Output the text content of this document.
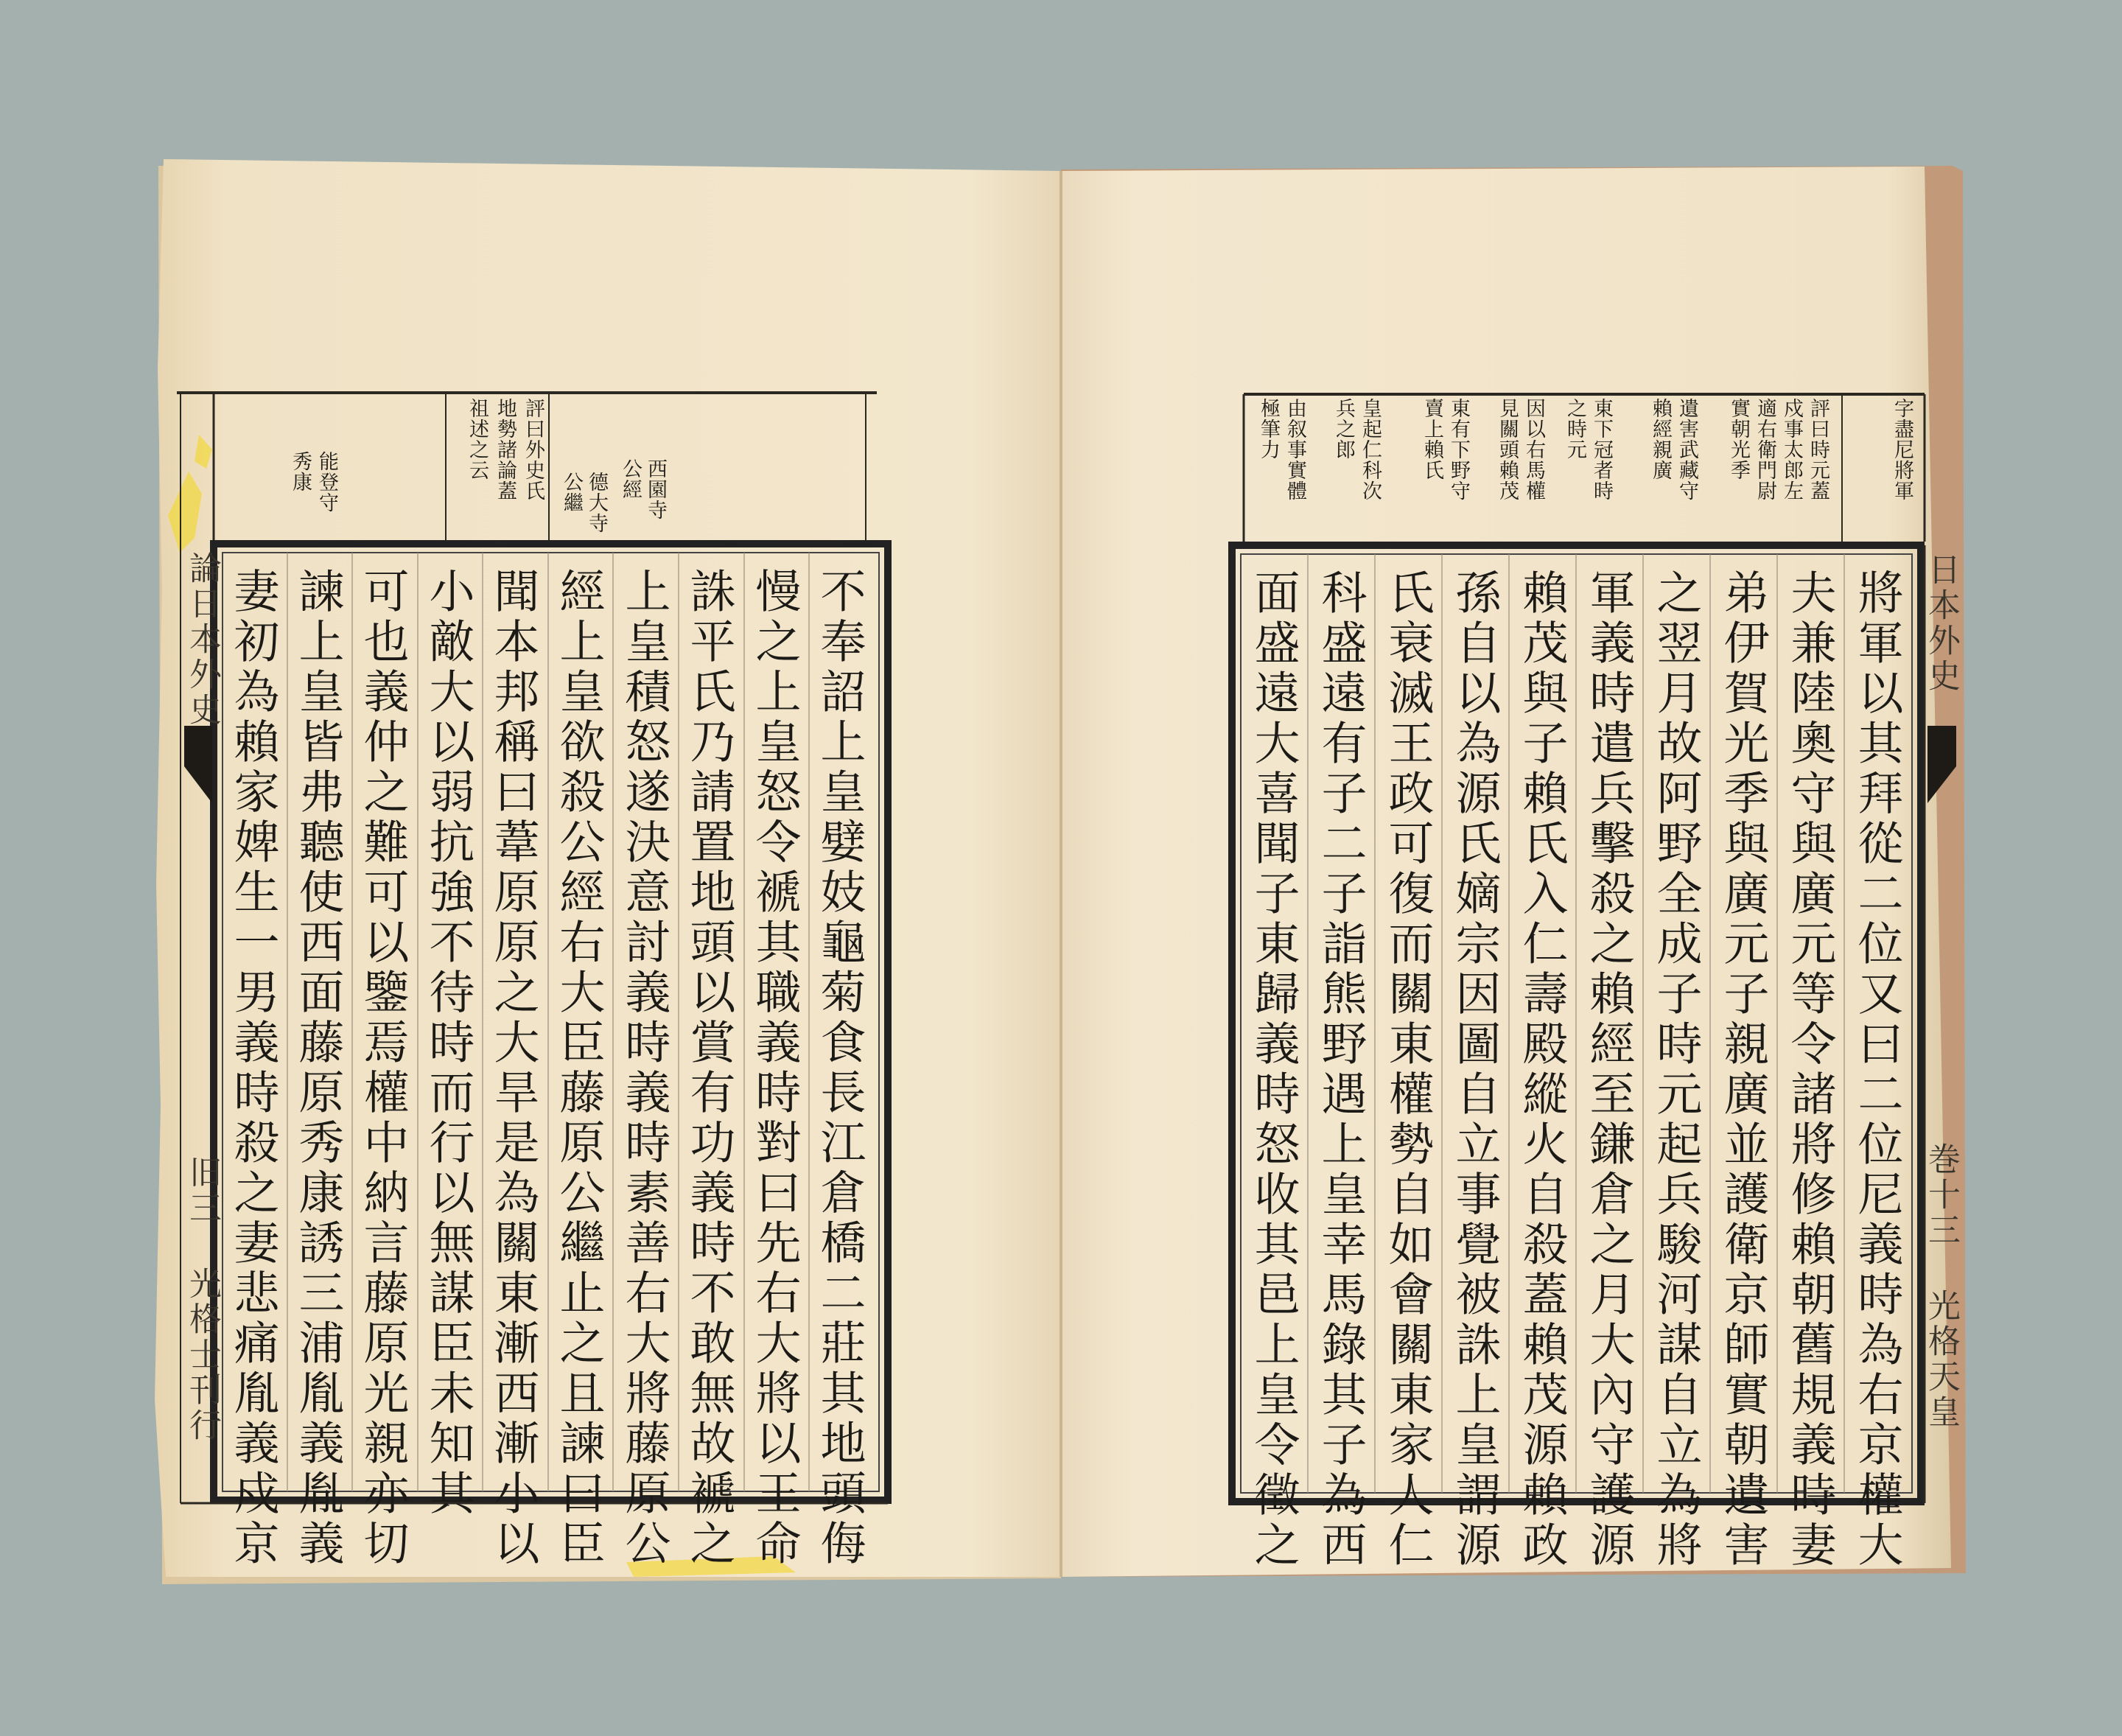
評曰外史氏
地勢諸論蓋
祖述之云
西園寺
公經
德大寺
公繼
能登守
秀康
不奉詔上皇嬖妓龜菊食長江倉橋二莊其地頭侮
慢之上皇怒令褫其職義時對曰先右大將以王命
誅平氏乃請置地頭以賞有功義時不敢無故褫之
上皇積怒遂決意討義時義時素善右大將藤原公
經上皇欲殺公經右大臣藤原公繼止之且諫曰臣
聞本邦稱曰葦原原之大旱是為關東漸西漸小以
小敵大以弱抗強不待時而行以無謀臣未知其
可也義仲之難可以鑒焉權中納言藤原光親亦切
諫上皇皆弗聽使西面藤原秀康誘三浦胤義胤義
妻初為賴家婢生一男義時殺之妻悲痛胤義戍京
論日本外史
旧三 光格士刊行
字盡尼將軍
評曰時元蓋
戍事太郎左
適右衛門尉
實朝光季
遺害武藏守
賴經親廣
東下冠者時
之時元
因以右馬權
見關頭賴茂
東有下野守
賣上賴氏
皇起仁科次
兵之郎
由叙事實體
極筆力
將軍以其拜從二位又曰二位尼義時為右京權大
夫兼陸奧守與廣元等令諸將修賴朝舊規義時妻
弟伊賀光季與廣元子親廣並護衛京師實朝遺害
之翌月故阿野全成子時元起兵駿河謀自立為將
軍義時遣兵擊殺之賴經至鎌倉之月大內守護源
賴茂與子賴氏入仁壽殿縱火自殺蓋賴茂源賴政
孫自以為源氏嫡宗因圖自立事覺被誅上皇謂源
氏衰滅王政可復而關東權勢自如會關東家人仁
科盛遠有子二子詣熊野遇上皇幸馬錄其子為西
面盛遠大喜聞子東歸義時怒收其邑上皇令徵之	日本外史
巻十三 光格天皇
